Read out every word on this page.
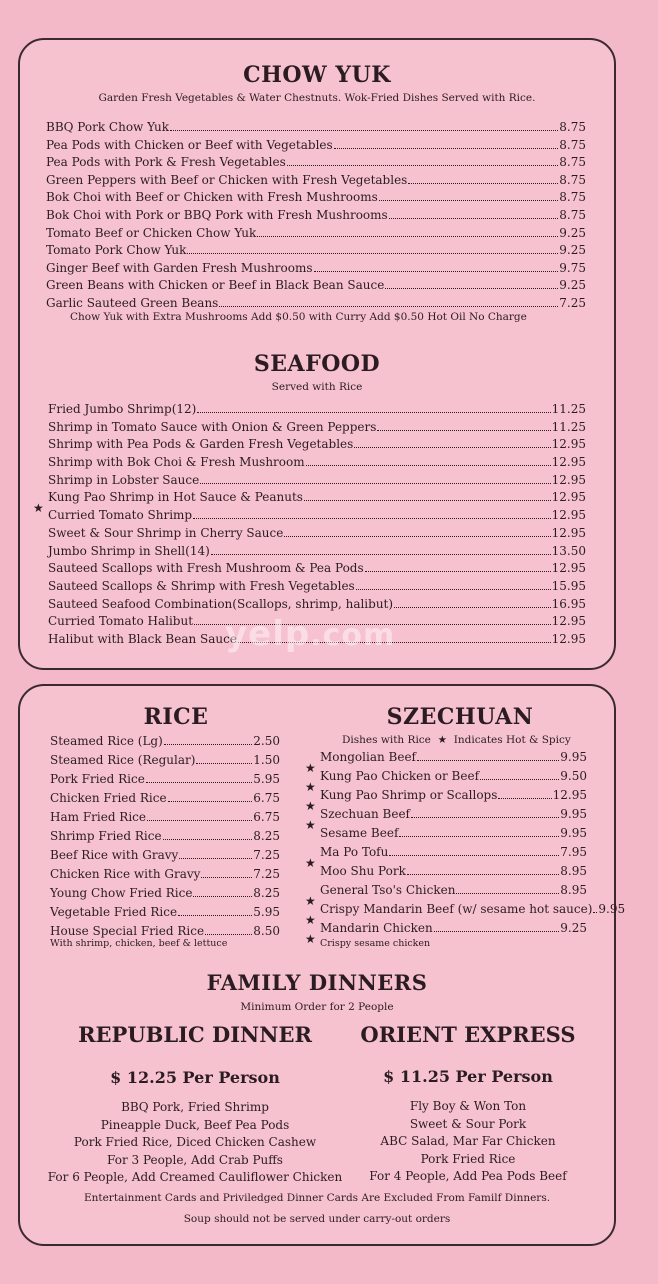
CHOW YUK
Garden Fresh Vegetables & Water Chestnuts. Wok-Fried Dishes Served with Rice.
BBQ Pork Chow Yuk	8.75
Pea Pods with Chicken or Beef with Vegetables	8.75
Pea Pods with Pork & Fresh Vegetables	8.75
Green Peppers with Beef or Chicken with Fresh Vegetables	8.75
Bok Choi with Beef or Chicken with Fresh Mushrooms	8.75
Bok Choi with Pork or BBQ Pork with Fresh Mushrooms	8.75
Tomato Beef or Chicken Chow Yuk	9.25
Tomato Pork Chow Yuk	9.25
Ginger Beef with Garden Fresh Mushrooms	9.75
Green Beans with Chicken or Beef in Black Bean Sauce	9.25
Garlic Sauteed Green Beans	7.25
Chow Yuk with Extra Mushrooms Add $0.50 with Curry Add $0.50 Hot Oil No Charge
SEAFOOD
Served with Rice
Fried Jumbo Shrimp(12)	11.25
Shrimp in Tomato Sauce with Onion & Green Peppers	11.25
Shrimp with Pea Pods & Garden Fresh Vegetables	12.95
Shrimp with Bok Choi & Fresh Mushroom	12.95
Shrimp in Lobster Sauce	12.95
★
Kung Pao Shrimp in Hot Sauce & Peanuts	12.95
Curried Tomato Shrimp	12.95
Sweet & Sour Shrimp in Cherry Sauce	12.95
Jumbo Shrimp in Shell(14)	13.50
Sauteed Scallops with Fresh Mushroom & Pea Pods	12.95
Sauteed Scallops & Shrimp with Fresh Vegetables	15.95
Sauteed Seafood Combination(Scallops, shrimp, halibut)	16.95
Curried Tomato Halibut	12.95
Halibut with Black Bean Sauce	12.95
yelp.com
RICE
Steamed Rice (Lg)	2.50
Steamed Rice (Regular)	1.50
Pork Fried Rice	5.95
Chicken Fried Rice	6.75
Ham Fried Rice	6.75
Shrimp Fried Rice	8.25
Beef Rice with Gravy	7.25
Chicken Rice with Gravy	7.25
Young Chow Fried Rice	8.25
Vegetable Fried Rice	5.95
House Special Fried Rice	8.50
With shrimp, chicken, beef & lettuce
SZECHUAN
Dishes with Rice ★ Indicates Hot & Spicy
★
Mongolian Beef	9.95
★
Kung Pao Chicken or Beef	9.50
★
Kung Pao Shrimp or Scallops	12.95
★
Szechuan Beef	9.95
Sesame Beef	9.95
★
Ma Po Tofu	7.95
Moo Shu Pork	8.95
★
General Tso's Chicken	8.95
★
Crispy Mandarin Beef (w/ sesame hot sauce) 9.95
★
Mandarin Chicken	9.25
Crispy sesame chicken
FAMILY DINNERS
Minimum Order for 2 People
REPUBLIC DINNER
$ 12.25 Per Person
BBQ Pork, Fried Shrimp
Pineapple Duck, Beef Pea Pods
Pork Fried Rice, Diced Chicken Cashew
For 3 People, Add Crab Puffs
For 6 People, Add Creamed Cauliflower Chicken
ORIENT EXPRESS
$ 11.25 Per Person
Fly Boy & Won Ton
Sweet & Sour Pork
ABC Salad, Mar Far Chicken
Pork Fried Rice
For 4 People, Add Pea Pods Beef
Entertainment Cards and Priviledged Dinner Cards Are Excluded From Familf Dinners.
Soup should not be served under carry-out orders
